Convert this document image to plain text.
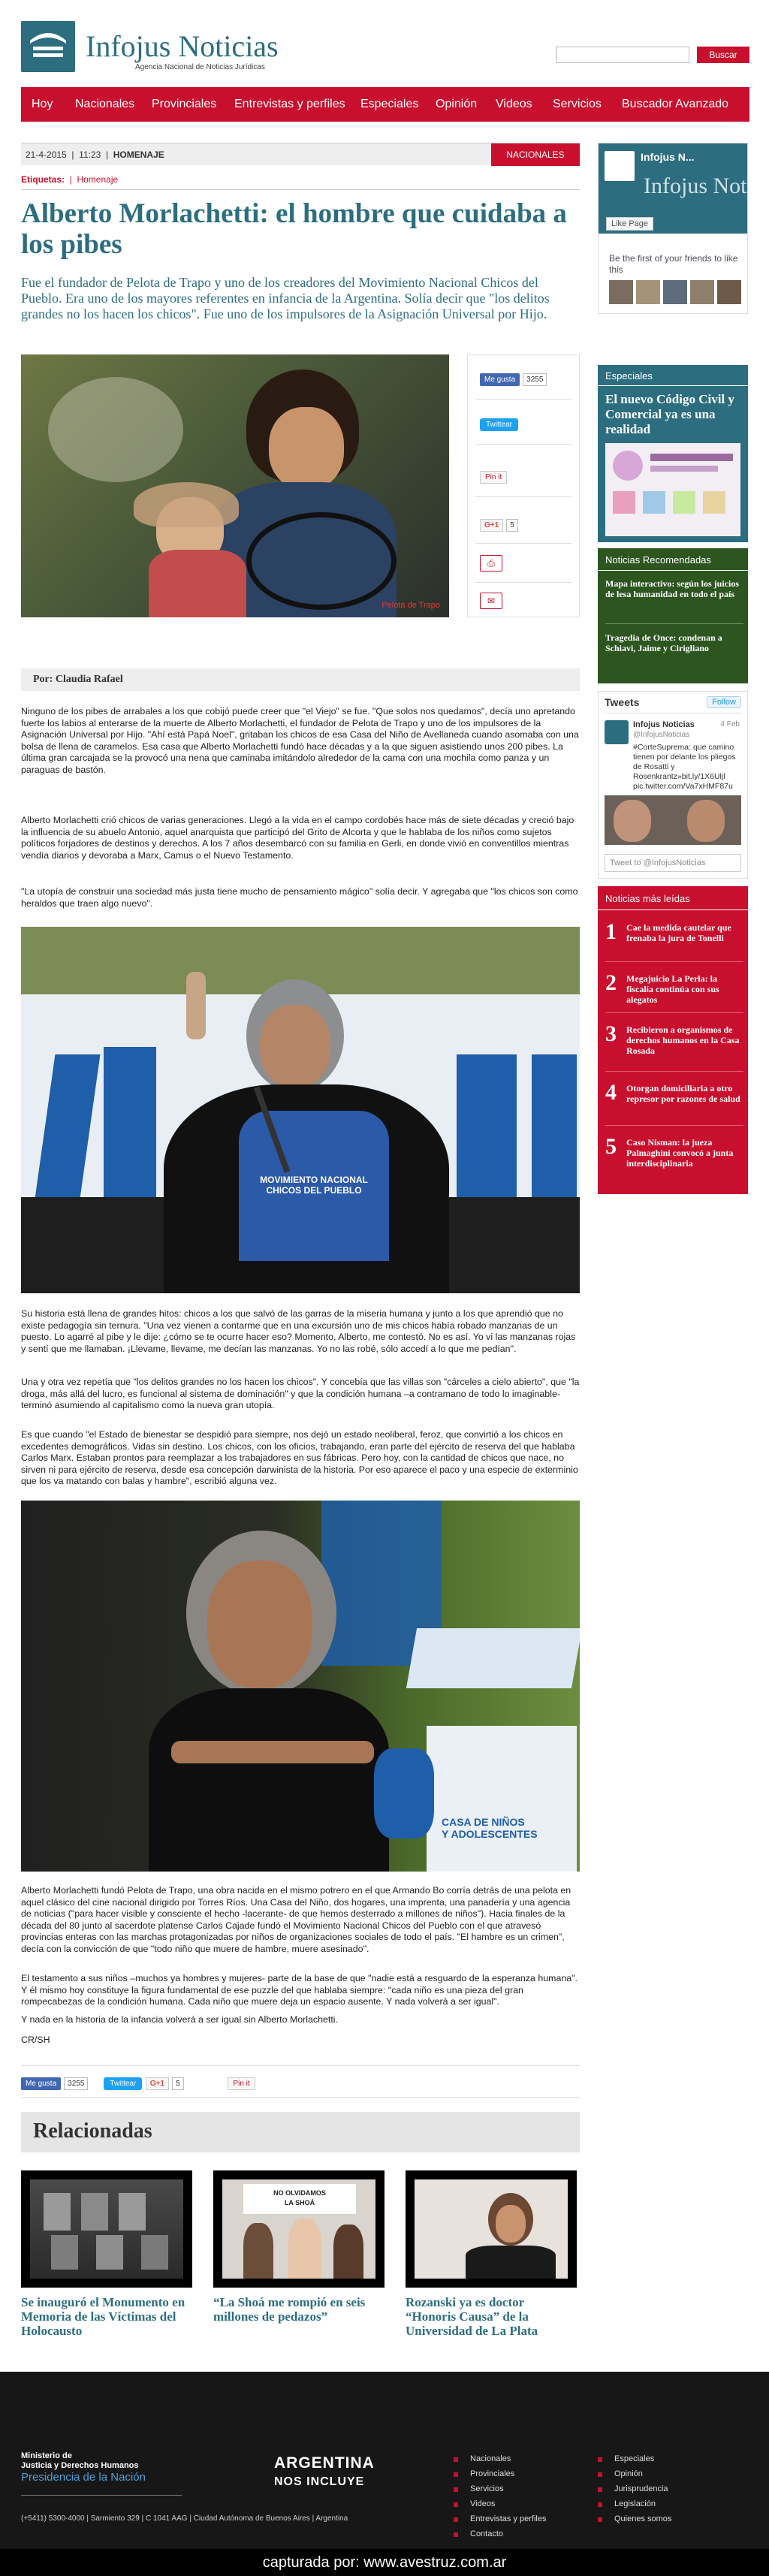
Infojus Noticias
Agencia Nacional de Noticias Jurídicas
Buscar
Hoy Nacionales Provinciales Entrevistas y perfiles Especiales Opinión Videos Servicios Buscador Avanzado
21-4-2015  |  11:23  |  HOMENAJE	NACIONALES
Etiquetas:  |  Homenaje
Alberto Morlachetti: el hombre que cuidaba a los pibes

Fue el fundador de Pelota de Trapo y uno de los creadores del Movimiento Nacional Chicos del Pueblo. Era uno de los mayores referentes en infancia de la Argentina. Solía decir que "los delitos grandes no los hacen los chicos". Fue uno de los impulsores de la Asignación Universal por Hijo.

Pelota de Trapo
Me gusta 3255
Twittear
Pin it
G+1 5
⎙
✉
Por: Claudia Rafael

Ninguno de los pibes de arrabales a los que cobijó puede creer que "el Viejo" se fue. "Que solos nos quedamos", decía uno apretando fuerte los labios al enterarse de la muerte de Alberto Morlachetti, el fundador de Pelota de Trapo y uno de los impulsores de la Asignación Universal por Hijo. "Ahí está Papá Noel", gritaban los chicos de esa Casa del Niño de Avellaneda cuando asomaba con una bolsa de llena de caramelos. Esa casa que Alberto Morlachetti fundó hace décadas y a la que siguen asistiendo unos 200 pibes. La última gran carcajada se la provocó una nena que caminaba imitándolo alrededor de la cama con una mochila como panza y un paraguas de bastón.

Alberto Morlachetti crió chicos de varias generaciones. Llegó a la vida en el campo cordobés hace más de siete décadas y creció bajo la influencia de su abuelo Antonio, aquel anarquista que participó del Grito de Alcorta y que le hablaba de los niños como sujetos políticos forjadores de destinos y derechos. A los 7 años desembarcó con su familia en Gerli, en donde vivió en conventillos mientras vendía diarios y devoraba a Marx, Camus o el Nuevo Testamento.

"La utopía de construir una sociedad más justa tiene mucho de pensamiento mágico" solía decir. Y agregaba que "los chicos son como heraldos que traen algo nuevo".

MOVIMIENTO NACIONAL CHICOS DEL PUEBLO

Su historia está llena de grandes hitos: chicos a los que salvó de las garras de la miseria humana y junto a los que aprendió que no existe pedagogía sin ternura. "Una vez vienen a contarme que en una excursión uno de mis chicos había robado manzanas de un puesto. Lo agarré al pibe y le dije: ¿cómo se te ocurre hacer eso? Momento, Alberto, me contestó. No es así. Yo vi las manzanas rojas y sentí que me llamaban. ¡Llevame, llevame, me decían las manzanas. Yo no las robé, sólo accedí a lo que me pedían".

Una y otra vez repetía que "los delitos grandes no los hacen los chicos". Y concebía que las villas son "cárceles a cielo abierto", que "la droga, más allá del lucro, es funcional al sistema de dominación" y que la condición humana –a contramano de todo lo imaginable- terminó asumiendo al capitalismo como la nueva gran utopía.

Es que cuando "el Estado de bienestar se despidió para siempre, nos dejó un estado neoliberal, feroz, que convirtió a los chicos en excedentes demográficos. Vidas sin destino. Los chicos, con los oficios, trabajando, eran parte del ejército de reserva del que hablaba Carlos Marx. Estaban prontos para reemplazar a los trabajadores en sus fábricas. Pero hoy, con la cantidad de chicos que nace, no sirven ni para ejército de reserva, desde esa concepción darwinista de la historia. Por eso aparece el paco y una especie de exterminio que los va matando con balas y hambre", escribió alguna vez.

CASA DE NIÑOS
Y ADOLESCENTES

Alberto Morlachetti fundó Pelota de Trapo, una obra nacida en el mismo potrero en el que Armando Bo corría detrás de una pelota en aquel clásico del cine nacional dirigido por Torres Ríos. Una Casa del Niño, dos hogares, una imprenta, una panadería y una agencia de noticias ("para hacer visible y consciente el hecho -lacerante- de que hemos desterrado a millones de niños"). Hacia finales de la década del 80 junto al sacerdote platense Carlos Cajade fundó el Movimiento Nacional Chicos del Pueblo con el que atravesó provincias enteras con las marchas protagonizadas por niños de organizaciones sociales de todo el país. "El hambre es un crimen", decía con la convicción de que "todo niño que muere de hambre, muere asesinado".

El testamento a sus niños –muchos ya hombres y mujeres- parte de la base de que "nadie está a resguardo de la esperanza humana". Y él mismo hoy constituye la figura fundamental de ese puzzle del que hablaba siempre: "cada niño es una pieza del gran rompecabezas de la condición humana. Cada niño que muere deja un espacio ausente. Y nada volverá a ser igual".

Y nada en la historia de la infancia volverá a ser igual sin Alberto Morlachetti.

CR/SH

Me gusta 3255	Twittear G+1 5	Pin it
Relacionadas
Se inauguró el Monumento en Memoria de las Víctimas del Holocausto
NO OLVIDAMOS
LA SHOÁ
“La Shoá me rompió en seis millones de pedazos”
Rozanski ya es doctor “Honoris Causa” de la Universidad de La Plata
Infojus N...
Infojus Not
Like Page
Be the first of your friends to like this
Especiales
El nuevo Código Civil y Comercial ya es una realidad
Noticias Recomendadas
Mapa interactivo: según los juicios de lesa humanidad en todo el país
Tragedia de Once: condenan a Schiavi, Jaime y Cirigliano
Tweets	Follow
Infojus Noticias	4 Feb
@InfojusNoticias
#CorteSuprema: que camino tienen por delante los pliegos de Rosatti y Rosenkrantz»bit.ly/1X6Uljl pic.twitter.com/Va7xHMF87u
Tweet to @InfojusNoticias
Noticias más leídas
1 Cae la medida cautelar que frenaba la jura de Tonelli
2 Megajuicio La Perla: la fiscalía continúa con sus alegatos
3 Recibieron a organismos de derechos humanos en la Casa Rosada
4 Otorgan domiciliaria a otro represor por razones de salud
5 Caso Nisman: la jueza Palmaghini convocó a junta interdisciplinaria
Ministerio de
Justicia y Derechos Humanos
Presidencia de la Nación
ARGENTINA
NOS INCLUYE
(+5411) 5300-4000 | Sarmiento 329 | C 1041 AAG | Ciudad Autónoma de Buenos Aires | Argentina
Nacionales
Provinciales
Servicios
Videos
Entrevistas y perfiles
Contacto
Especiales
Opinión
Jurisprudencia
Legislación
Quienes somos
capturada por: www.avestruz.com.ar
